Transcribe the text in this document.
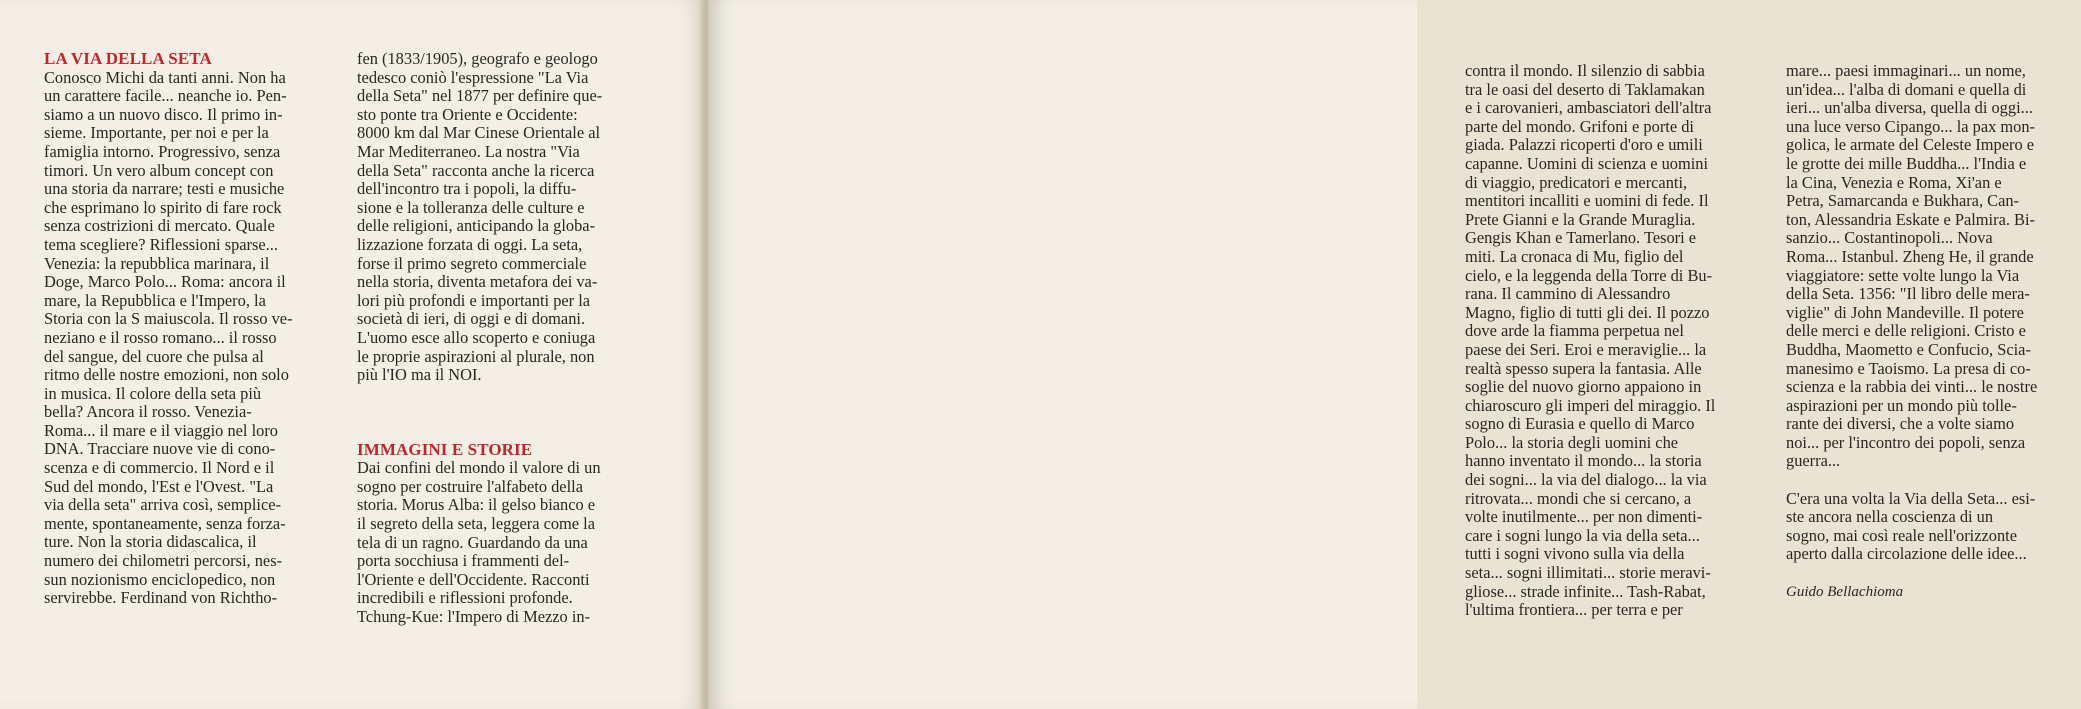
LA VIA DELLA SETA

Conosco Michi da tanti anni. Non ha

un carattere facile... neanche io. Pen-

siamo a un nuovo disco. Il primo in-

sieme. Importante, per noi e per la

famiglia intorno. Progressivo, senza

timori. Un vero album concept con

una storia da narrare; testi e musiche

che esprimano lo spirito di fare rock

senza costrizioni di mercato. Quale

tema scegliere? Riflessioni sparse...

Venezia: la repubblica marinara, il

Doge, Marco Polo... Roma: ancora il

mare, la Repubblica e l'Impero, la

Storia con la S maiuscola. Il rosso ve-

neziano e il rosso romano... il rosso

del sangue, del cuore che pulsa al

ritmo delle nostre emozioni, non solo

in musica. Il colore della seta più

bella? Ancora il rosso. Venezia-

Roma... il mare e il viaggio nel loro

DNA. Tracciare nuove vie di cono-

scenza e di commercio. Il Nord e il

Sud del mondo, l'Est e l'Ovest. "La

via della seta" arriva così, semplice-

mente, spontaneamente, senza forza-

ture. Non la storia didascalica, il

numero dei chilometri percorsi, nes-

sun nozionismo enciclopedico, non

servirebbe. Ferdinand von Richtho-

fen (1833/1905), geografo e geologo

tedesco coniò l'espressione "La Via

della Seta" nel 1877 per definire que-

sto ponte tra Oriente e Occidente:

8000 km dal Mar Cinese Orientale al

Mar Mediterraneo. La nostra "Via

della Seta" racconta anche la ricerca

dell'incontro tra i popoli, la diffu-

sione e la tolleranza delle culture e

delle religioni, anticipando la globa-

lizzazione forzata di oggi. La seta,

forse il primo segreto commerciale

nella storia, diventa metafora dei va-

lori più profondi e importanti per la

società di ieri, di oggi e di domani.

L'uomo esce allo scoperto e coniuga

le proprie aspirazioni al plurale, non

più l'IO ma il NOI.

IMMAGINI E STORIE

Dai confini del mondo il valore di un

sogno per costruire l'alfabeto della

storia. Morus Alba: il gelso bianco e

il segreto della seta, leggera come la

tela di un ragno. Guardando da una

porta socchiusa i frammenti del-

l'Oriente e dell'Occidente. Racconti

incredibili e riflessioni profonde.

Tchung-Kue: l'Impero di Mezzo in-

contra il mondo. Il silenzio di sabbia

tra le oasi del deserto di Taklamakan

e i carovanieri, ambasciatori dell'altra

parte del mondo. Grifoni e porte di

giada. Palazzi ricoperti d'oro e umili

capanne. Uomini di scienza e uomini

di viaggio, predicatori e mercanti,

mentitori incalliti e uomini di fede. Il

Prete Gianni e la Grande Muraglia.

Gengis Khan e Tamerlano. Tesori e

miti. La cronaca di Mu, figlio del

cielo, e la leggenda della Torre di Bu-

rana. Il cammino di Alessandro

Magno, figlio di tutti gli dei. Il pozzo

dove arde la fiamma perpetua nel

paese dei Seri. Eroi e meraviglie... la

realtà spesso supera la fantasia. Alle

soglie del nuovo giorno appaiono in

chiaroscuro gli imperi del miraggio. Il

sogno di Eurasia e quello di Marco

Polo... la storia degli uomini che

hanno inventato il mondo... la storia

dei sogni... la via del dialogo... la via

ritrovata... mondi che si cercano, a

volte inutilmente... per non dimenti-

care i sogni lungo la via della seta...

tutti i sogni vivono sulla via della

seta... sogni illimitati... storie meravi-

gliose... strade infinite... Tash-Rabat,

l'ultima frontiera... per terra e per

mare... paesi immaginari... un nome,

un'idea... l'alba di domani e quella di

ieri... un'alba diversa, quella di oggi...

una luce verso Cipango... la pax mon-

golica, le armate del Celeste Impero e

le grotte dei mille Buddha... l'India e

la Cina, Venezia e Roma, Xi'an e

Petra, Samarcanda e Bukhara, Can-

ton, Alessandria Eskate e Palmira. Bi-

sanzio... Costantinopoli... Nova

Roma... Istanbul. Zheng He, il grande

viaggiatore: sette volte lungo la Via

della Seta. 1356: "Il libro delle mera-

viglie" di John Mandeville. Il potere

delle merci e delle religioni. Cristo e

Buddha, Maometto e Confucio, Scia-

manesimo e Taoismo. La presa di co-

scienza e la rabbia dei vinti... le nostre

aspirazioni per un mondo più tolle-

rante dei diversi, che a volte siamo

noi... per l'incontro dei popoli, senza

guerra...

C'era una volta la Via della Seta... esi-

ste ancora nella coscienza di un

sogno, mai così reale nell'orizzonte

aperto dalla circolazione delle idee...

Guido Bellachioma
